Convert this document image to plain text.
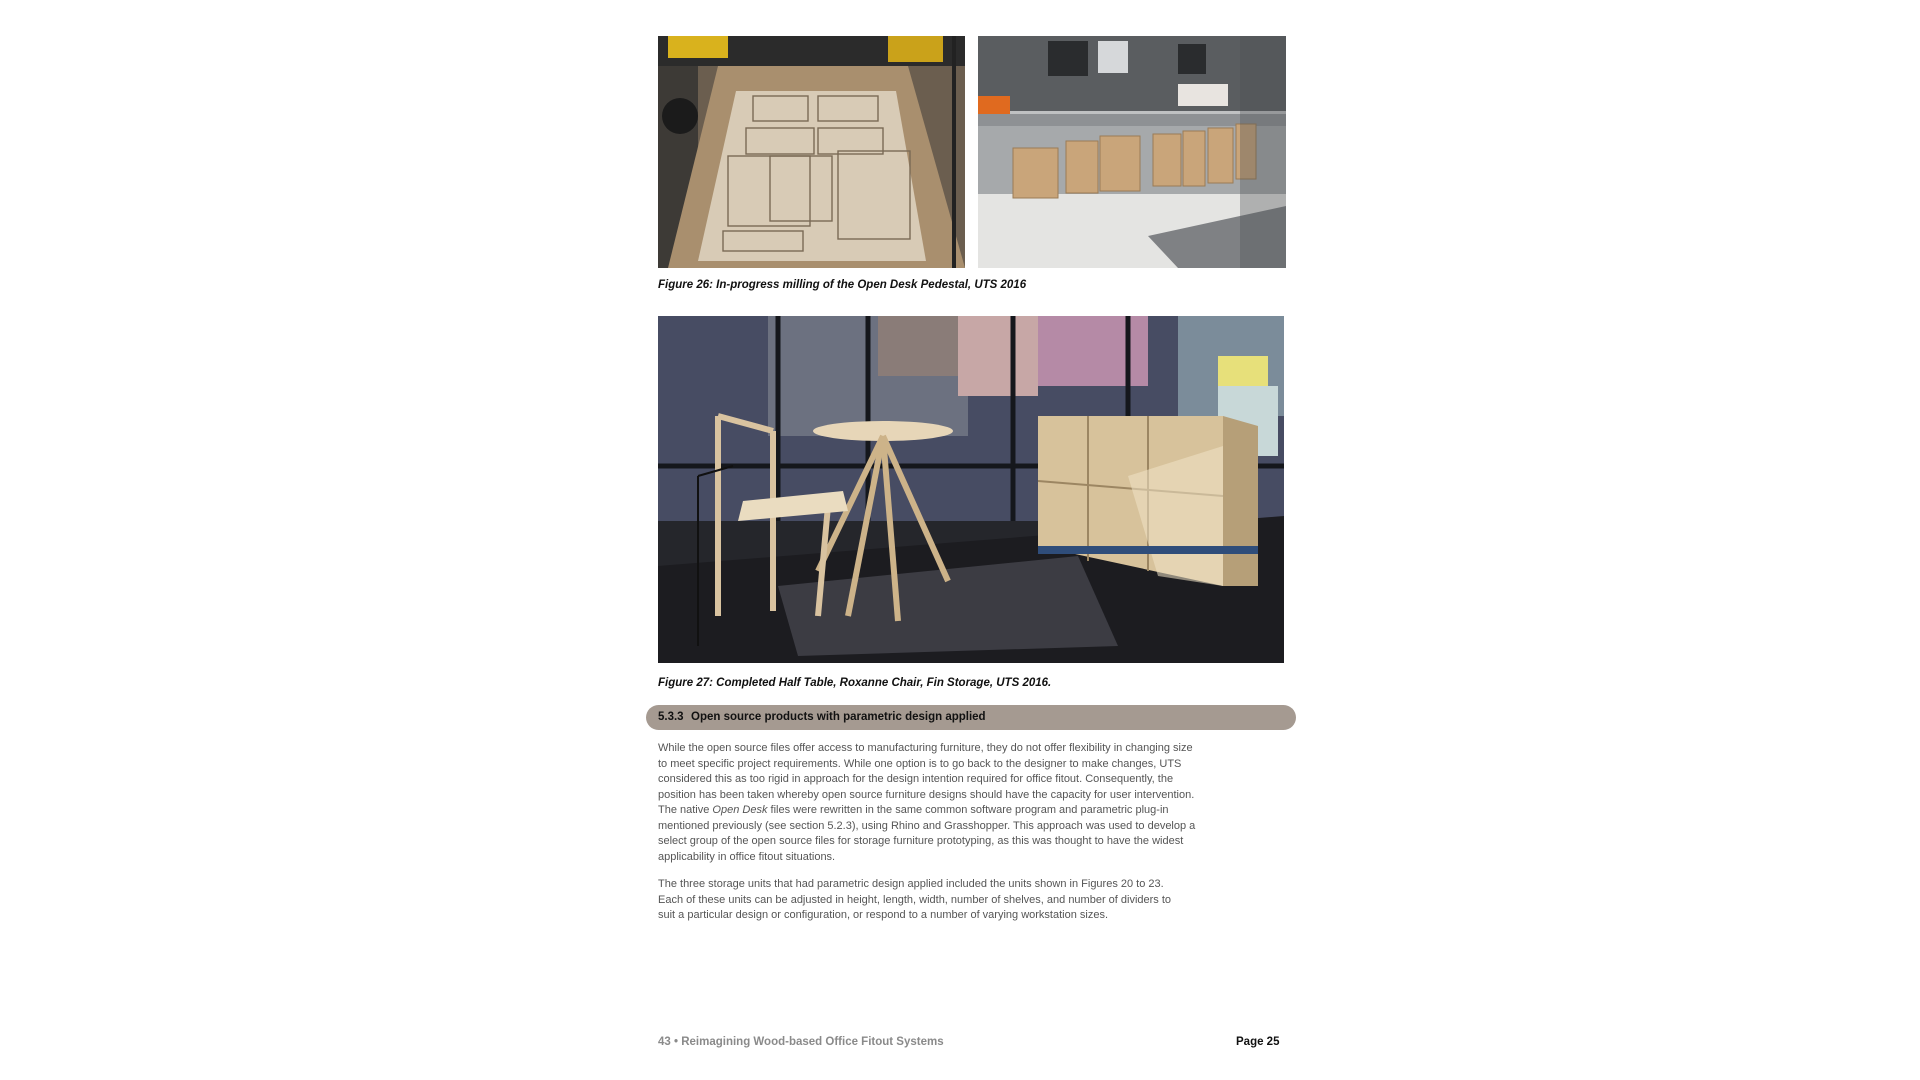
Figure 26: In-progress milling of the Open Desk Pedestal, UTS 2016
Figure 27: Completed Half Table, Roxanne Chair, Fin Storage, UTS 2016.
5.3.3 Open source products with parametric design applied
While the open source files offer access to manufacturing furniture, they do not offer flexibility in changing size
to meet specific project requirements. While one option is to go back to the designer to make changes, UTS
considered this as too rigid in approach for the design intention required for office fitout. Consequently, the
position has been taken whereby open source furniture designs should have the capacity for user intervention.
The native Open Desk files were rewritten in the same common software program and parametric plug-in
mentioned previously (see section 5.2.3), using Rhino and Grasshopper. This approach was used to develop a
select group of the open source files for storage furniture prototyping, as this was thought to have the widest
applicability in office fitout situations.
The three storage units that had parametric design applied included the units shown in Figures 20 to 23.
Each of these units can be adjusted in height, length, width, number of shelves, and number of dividers to
suit a particular design or configuration, or respond to a number of varying workstation sizes.
43 • Reimagining Wood-based Office Fitout Systems	Page 25
